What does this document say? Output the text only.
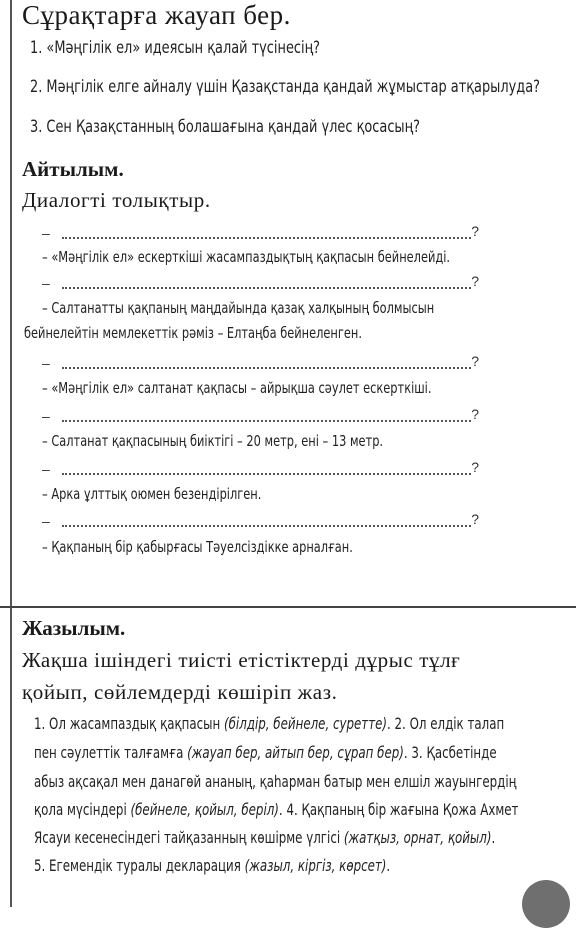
Сұрақтарға жауап бер.
1. «Мәңгілік ел» идеясын қалай түсінесің?
2. Мәңгілік елге айналу үшін Қазақстанда қандай жұмыстар атқарылуда?
3. Сен Қазақстанның болашағына қандай үлес қосасың?
Айтылым.
Диалогті толықтыр.
–	?
– «Мәңгілік ел» ескерткіші жасампаздықтың қақпасын бейнелейді.
–	?
– Салтанатты қақпаның маңдайында қазақ халқының болмысын
бейнелейтін мемлекеттік рәміз – Елтаңба бейнеленген.
–	?
– «Мәңгілік ел» салтанат қақпасы – айрықша сәулет ескерткіші.
–	?
– Салтанат қақпасының биіктігі – 20 метр, ені – 13 метр.
–	?
– Арка ұлттық оюмен безендірілген.
–	?
– Қақпаның бір қабырғасы Тәуелсіздікке арналған.
Жазылым.
Жақша ішіндегі тиісті етістіктерді дұрыс тұлғ
қойып, сөйлемдерді көшіріп жаз.
1. Ол жасампаздық қақпасын (білдір, бейнеле, суретте). 2. Ол елдік талап
пен сәулеттік талғамға (жауап бер, айтып бер, сұрап бер). 3. Қасбетінде
абыз ақсақал мен данагөй ананың, қаһарман батыр мен елшіл жауынгердің
қола мүсіндері (бейнеле, қойыл, беріл). 4. Қақпаның бір жағына Қожа Ахмет
Ясауи кесенесіндегі тайқазанның көшірме үлгісі (жатқыз, орнат, қойыл).
5. Егемендік туралы декларация (жазыл, кіргіз, көрсет).
